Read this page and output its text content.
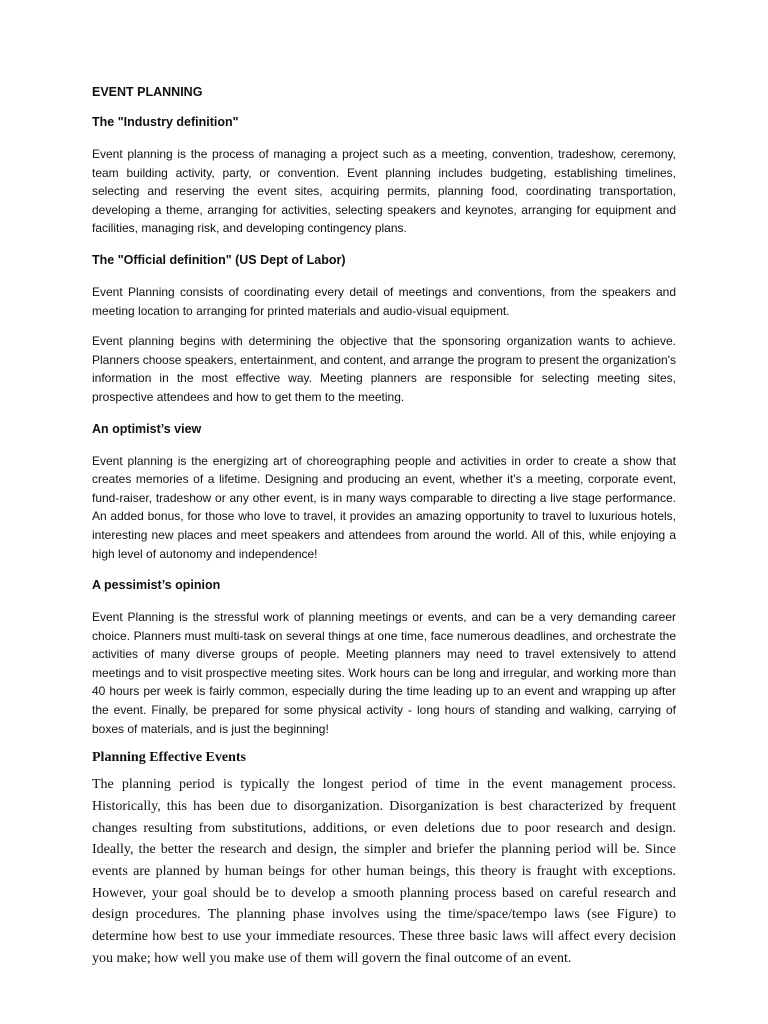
EVENT PLANNING
The "Industry definition"
Event planning is the process of managing a project such as a meeting, convention, tradeshow, ceremony, team building activity, party, or convention. Event planning includes budgeting, establishing timelines, selecting and reserving the event sites, acquiring permits, planning food, coordinating transportation, developing a theme, arranging for activities, selecting speakers and keynotes, arranging for equipment and facilities, managing risk, and developing contingency plans.
The "Official definition" (US Dept of Labor)
Event Planning consists of coordinating every detail of meetings and conventions, from the speakers and meeting location to arranging for printed materials and audio-visual equipment.
Event planning begins with determining the objective that the sponsoring organization wants to achieve. Planners choose speakers, entertainment, and content, and arrange the program to present the organization's information in the most effective way. Meeting planners are responsible for selecting meeting sites, prospective attendees and how to get them to the meeting.
An optimist’s view
Event planning is the energizing art of choreographing people and activities in order to create a show that creates memories of a lifetime. Designing and producing an event, whether it’s a meeting, corporate event, fund-raiser, tradeshow or any other event, is in many ways comparable to directing a live stage performance. An added bonus, for those who love to travel, it provides an amazing opportunity to travel to luxurious hotels, interesting new places and meet speakers and attendees from around the world. All of this, while enjoying a high level of autonomy and independence!
A pessimist’s opinion
Event Planning is the stressful work of planning meetings or events, and can be a very demanding career choice. Planners must multi-task on several things at one time, face numerous deadlines, and orchestrate the activities of many diverse groups of people. Meeting planners may need to travel extensively to attend meetings and to visit prospective meeting sites. Work hours can be long and irregular, and working more than 40 hours per week is fairly common, especially during the time leading up to an event and wrapping up after the event. Finally, be prepared for some physical activity - long hours of standing and walking, carrying of boxes of materials, and is just the beginning!
Planning Effective Events
The planning period is typically the longest period of time in the event management process. Historically, this has been due to disorganization. Disorganization is best characterized by frequent changes resulting from substitutions, additions, or even deletions due to poor research and design. Ideally, the better the research and design, the simpler and briefer the planning period will be. Since events are planned by human beings for other human beings, this theory is fraught with exceptions. However, your goal should be to develop a smooth planning process based on careful research and design procedures. The planning phase involves using the time/space/tempo laws (see Figure) to determine how best to use your immediate resources. These three basic laws will affect every decision you make; how well you make use of them will govern the final outcome of an event.
